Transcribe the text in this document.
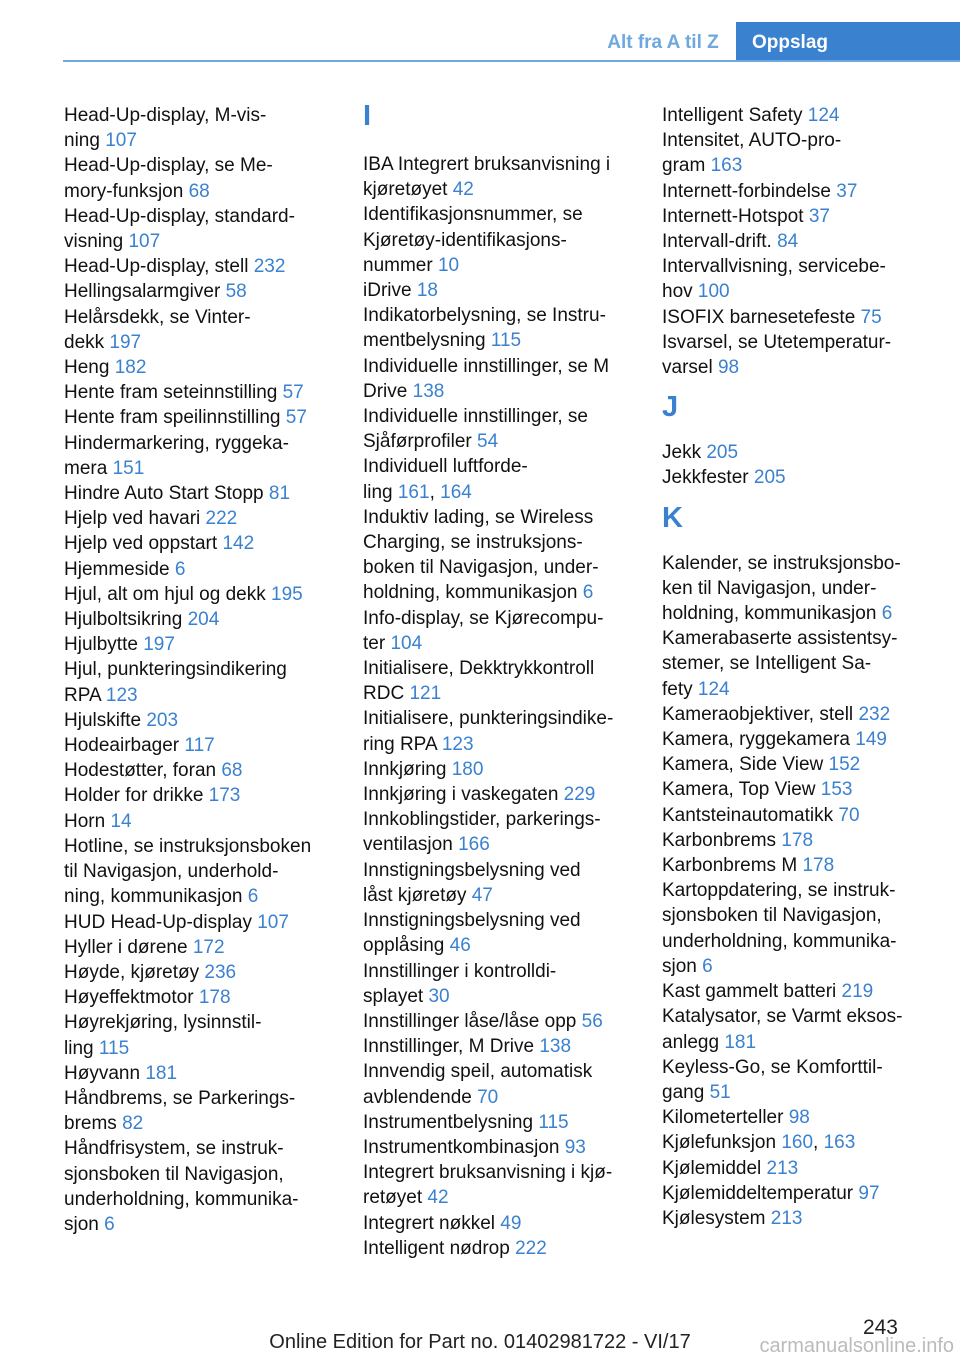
Alt fra A til Z	Oppslag
Head-Up-display, M-vis-
ning 107
Head-Up-display, se Me-
mory-funksjon 68
Head-Up-display, standard-
visning 107
Head-Up-display, stell 232
Hellingsalarmgiver 58
Helårsdekk, se Vinter-
dekk 197
Heng 182
Hente fram seteinnstilling 57
Hente fram speilinnstilling 57
Hindermarkering, ryggeka-
mera 151
Hindre Auto Start Stopp 81
Hjelp ved havari 222
Hjelp ved oppstart 142
Hjemmeside 6
Hjul, alt om hjul og dekk 195
Hjulboltsikring 204
Hjulbytte 197
Hjul, punkteringsindikering
RPA 123
Hjulskifte 203
Hodeairbager 117
Hodestøtter, foran 68
Holder for drikke 173
Horn 14
Hotline, se instruksjonsboken
til Navigasjon, underhold-
ning, kommunikasjon 6
HUD Head-Up-display 107
Hyller i dørene 172
Høyde, kjøretøy 236
Høyeffektmotor 178
Høyrekjøring, lysinnstil-
ling 115
Høyvann 181
Håndbrems, se Parkerings-
brems 82
Håndfrisystem, se instruk-
sjonsboken til Navigasjon,
underholdning, kommunika-
sjon 6
I
IBA Integrert bruksanvisning i
kjøretøyet 42
Identifikasjonsnummer, se
Kjøretøy-identifikasjons-
nummer 10
iDrive 18
Indikatorbelysning, se Instru-
mentbelysning 115
Individuelle innstillinger, se M
Drive 138
Individuelle innstillinger, se
Sjåførprofiler 54
Individuell luftforde-
ling 161, 164
Induktiv lading, se Wireless
Charging, se instruksjons-
boken til Navigasjon, under-
holdning, kommunikasjon 6
Info-display, se Kjørecompu-
ter 104
Initialisere, Dekktrykkontroll
RDC 121
Initialisere, punkteringsindike-
ring RPA 123
Innkjøring 180
Innkjøring i vaskegaten 229
Innkoblingstider, parkerings-
ventilasjon 166
Innstigningsbelysning ved
låst kjøretøy 47
Innstigningsbelysning ved
opplåsing 46
Innstillinger i kontrolldi-
splayet 30
Innstillinger låse/låse opp 56
Innstillinger, M Drive 138
Innvendig speil, automatisk
avblendende 70
Instrumentbelysning 115
Instrumentkombinasjon 93
Integrert bruksanvisning i kjø-
retøyet 42
Integrert nøkkel 49
Intelligent nødrop 222
Intelligent Safety 124
Intensitet, AUTO-pro-
gram 163
Internett-forbindelse 37
Internett-Hotspot 37
Intervall-drift. 84
Intervallvisning, servicebe-
hov 100
ISOFIX barnesetefeste 75
Isvarsel, se Utetemperatur-
varsel 98
J
Jekk 205
Jekkfester 205
K
Kalender, se instruksjonsbo-
ken til Navigasjon, under-
holdning, kommunikasjon 6
Kamerabaserte assistentsy-
stemer, se Intelligent Sa-
fety 124
Kameraobjektiver, stell 232
Kamera, ryggekamera 149
Kamera, Side View 152
Kamera, Top View 153
Kantsteinautomatikk 70
Karbonbrems 178
Karbonbrems M 178
Kartoppdatering, se instruk-
sjonsboken til Navigasjon,
underholdning, kommunika-
sjon 6
Kast gammelt batteri 219
Katalysator, se Varmt eksos-
anlegg 181
Keyless-Go, se Komforttil-
gang 51
Kilometerteller 98
Kjølefunksjon 160, 163
Kjølemiddel 213
Kjølemiddeltemperatur 97
Kjølesystem 213
243
Online Edition for Part no. 01402981722 - VI/17	carmanualsonline.info
